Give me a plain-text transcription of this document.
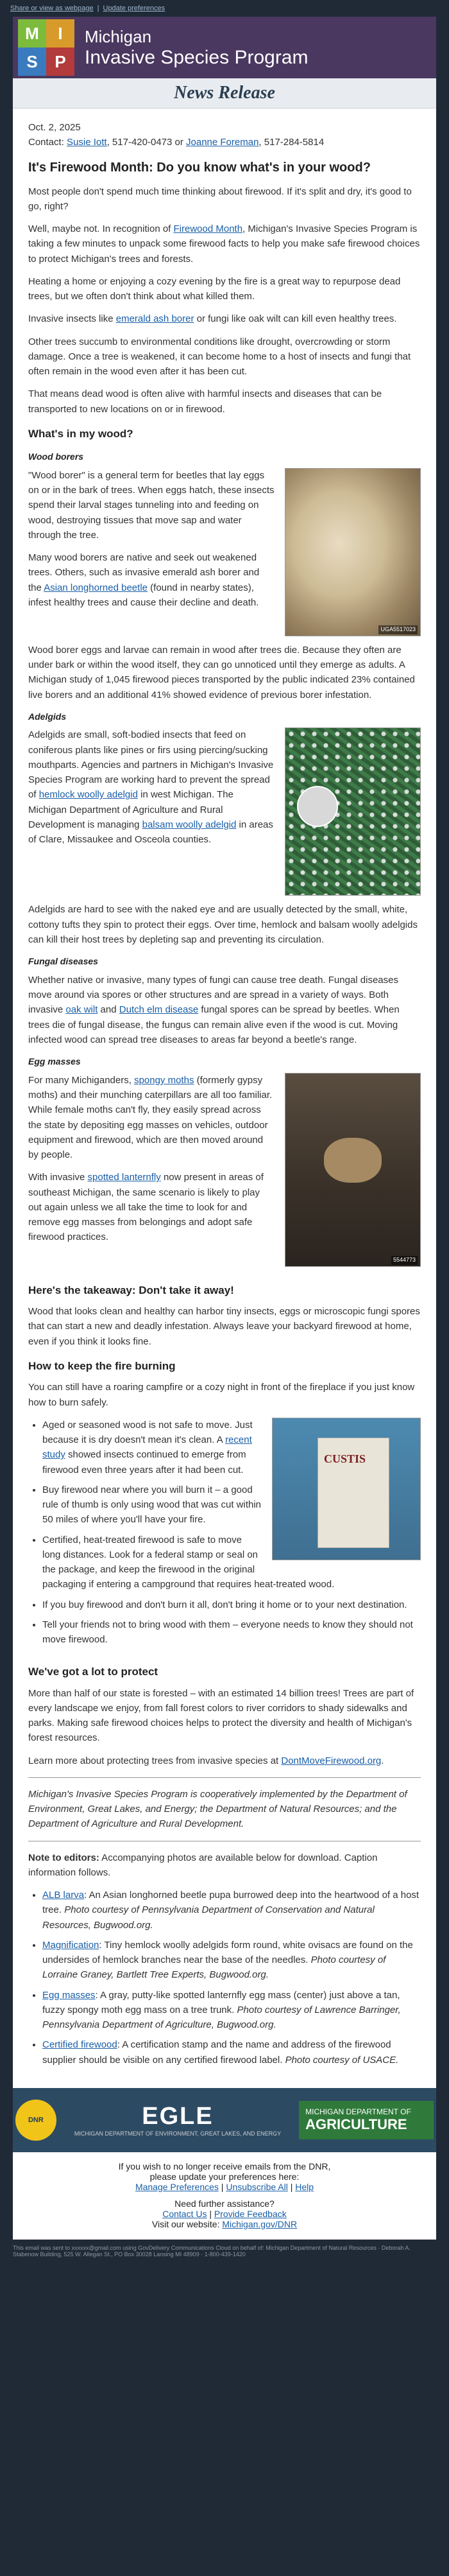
Share or view as webpage | Update preferences
M	I
S	P
Michigan
Invasive Species Program
News Release

Oct. 2, 2025
Contact: Susie Iott, 517-420-0473 or Joanne Foreman, 517-284-5814

It's Firewood Month: Do you know what's in your wood?

Most people don't spend much time thinking about firewood. If it's split and dry, it's good to go, right?

Well, maybe not. In recognition of Firewood Month, Michigan's Invasive Species Program is taking a few minutes to unpack some firewood facts to help you make safe firewood choices to protect Michigan's trees and forests.

Heating a home or enjoying a cozy evening by the fire is a great way to repurpose dead trees, but we often don't think about what killed them.

Invasive insects like emerald ash borer or fungi like oak wilt can kill even healthy trees.

Other trees succumb to environmental conditions like drought, overcrowding or storm damage. Once a tree is weakened, it can become home to a host of insects and fungi that often remain in the wood even after it has been cut.

That means dead wood is often alive with harmful insects and diseases that can be transported to new locations on or in firewood.

What's in my wood?
Wood borers
UGA5517023

"Wood borer" is a general term for beetles that lay eggs on or in the bark of trees. When eggs hatch, these insects spend their larval stages tunneling into and feeding on wood, destroying tissues that move sap and water through the tree.

Many wood borers are native and seek out weakened trees. Others, such as invasive emerald ash borer and the Asian longhorned beetle (found in nearby states), infest healthy trees and cause their decline and death.

Wood borer eggs and larvae can remain in wood after trees die. Because they often are under bark or within the wood itself, they can go unnoticed until they emerge as adults. A Michigan study of 1,045 firewood pieces transported by the public indicated 23% contained live borers and an additional 41% showed evidence of previous borer infestation.

Adelgids

Adelgids are small, soft-bodied insects that feed on coniferous plants like pines or firs using piercing/sucking mouthparts. Agencies and partners in Michigan's Invasive Species Program are working hard to prevent the spread of hemlock woolly adelgid in west Michigan. The Michigan Department of Agriculture and Rural Development is managing balsam woolly adelgid in areas of Clare, Missaukee and Osceola counties.

Adelgids are hard to see with the naked eye and are usually detected by the small, white, cottony tufts they spin to protect their eggs. Over time, hemlock and balsam woolly adelgids can kill their host trees by depleting sap and preventing its circulation.

Fungal diseases

Whether native or invasive, many types of fungi can cause tree death. Fungal diseases move around via spores or other structures and are spread in a variety of ways. Both invasive oak wilt and Dutch elm disease fungal spores can be spread by beetles. When trees die of fungal disease, the fungus can remain alive even if the wood is cut. Moving infected wood can spread tree diseases to areas far beyond a beetle's range.

Egg masses
5544773

For many Michiganders, spongy moths (formerly gypsy moths) and their munching caterpillars are all too familiar. While female moths can't fly, they easily spread across the state by depositing egg masses on vehicles, outdoor equipment and firewood, which are then moved around by people.

With invasive spotted lanternfly now present in areas of southeast Michigan, the same scenario is likely to play out again unless we all take the time to look for and remove egg masses from belongings and adopt safe firewood practices.

Here's the takeaway: Don't take it away!

Wood that looks clean and healthy can harbor tiny insects, eggs or microscopic fungi spores that can start a new and deadly infestation. Always leave your backyard firewood at home, even if you think it looks fine.

How to keep the fire burning

You can still have a roaring campfire or a cozy night in front of the fireplace if you just know how to burn safely.

CUSTIS
• Aged or seasoned wood is not safe to move. Just because it is dry doesn't mean it's clean. A recent study showed insects continued to emerge from firewood even three years after it had been cut.
• Buy firewood near where you will burn it – a good rule of thumb is only using wood that was cut within 50 miles of where you'll have your fire.
• Certified, heat-treated firewood is safe to move long distances. Look for a federal stamp or seal on the package, and keep the firewood in the original packaging if entering a campground that requires heat-treated wood.
• If you buy firewood and don't burn it all, don't bring it home or to your next destination.
• Tell your friends not to bring wood with them – everyone needs to know they should not move firewood.
We've got a lot to protect

More than half of our state is forested – with an estimated 14 billion trees! Trees are part of every landscape we enjoy, from fall forest colors to river corridors to shady sidewalks and parks. Making safe firewood choices helps to protect the diversity and health of Michigan's forest resources.

Learn more about protecting trees from invasive species at DontMoveFirewood.org.

Michigan's Invasive Species Program is cooperatively implemented by the Department of Environment, Great Lakes, and Energy; the Department of Natural Resources; and the Department of Agriculture and Rural Development.

Note to editors: Accompanying photos are available below for download. Caption information follows.

• ALB larva: An Asian longhorned beetle pupa burrowed deep into the heartwood of a host tree. Photo courtesy of Pennsylvania Department of Conservation and Natural Resources, Bugwood.org.
• Magnification: Tiny hemlock woolly adelgids form round, white ovisacs are found on the undersides of hemlock branches near the base of the needles. Photo courtesy of Lorraine Graney, Bartlett Tree Experts, Bugwood.org.
• Egg masses: A gray, putty-like spotted lanternfly egg mass (center) just above a tan, fuzzy spongy moth egg mass on a tree trunk. Photo courtesy of Lawrence Barringer, Pennsylvania Department of Agriculture, Bugwood.org.
• Certified firewood: A certification stamp and the name and address of the firewood supplier should be visible on any certified firewood label. Photo courtesy of USACE.
DNR	EGLE
MICHIGAN DEPARTMENT OF ENVIRONMENT, GREAT LAKES, AND ENERGY
MICHIGAN DEPARTMENT OF
AGRICULTURE
If you wish to no longer receive emails from the DNR,
please update your preferences here:
Manage Preferences | Unsubscribe All | Help
Need further assistance?
Contact Us | Provide Feedback
Visit our website: Michigan.gov/DNR
This email was sent to xxxxxx@gmail.com using GovDelivery Communications Cloud on behalf of: Michigan Department of Natural Resources · Deborah A. Stabenow Building, 525 W. Allegan St., PO Box 30028 Lansing MI 48909 · 1-800-439-1420
